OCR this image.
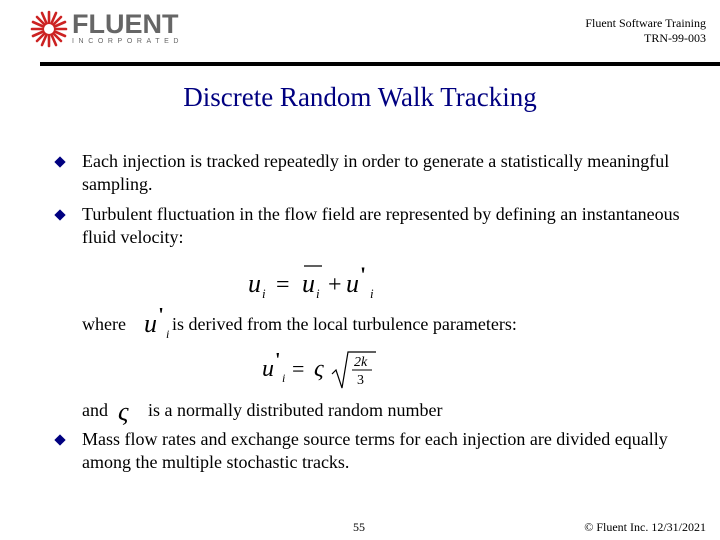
FLUENT
INCORPORATED
Fluent Software Training
TRN-99-003
Discrete Random Walk Tracking
Each injection is tracked repeatedly in order to generate a statistically meaningful sampling.
Turbulent fluctuation in the flow field are represented by defining an instantaneous fluid velocity:
u i = u i + u '
i
where u '
i is derived from the local turbulence parameters:
u '
i = ς 2k
3
and ς is a normally distributed random number
Mass flow rates and exchange source terms for each injection are divided equally among the multiple stochastic tracks.
55	© Fluent Inc. 12/31/2021
